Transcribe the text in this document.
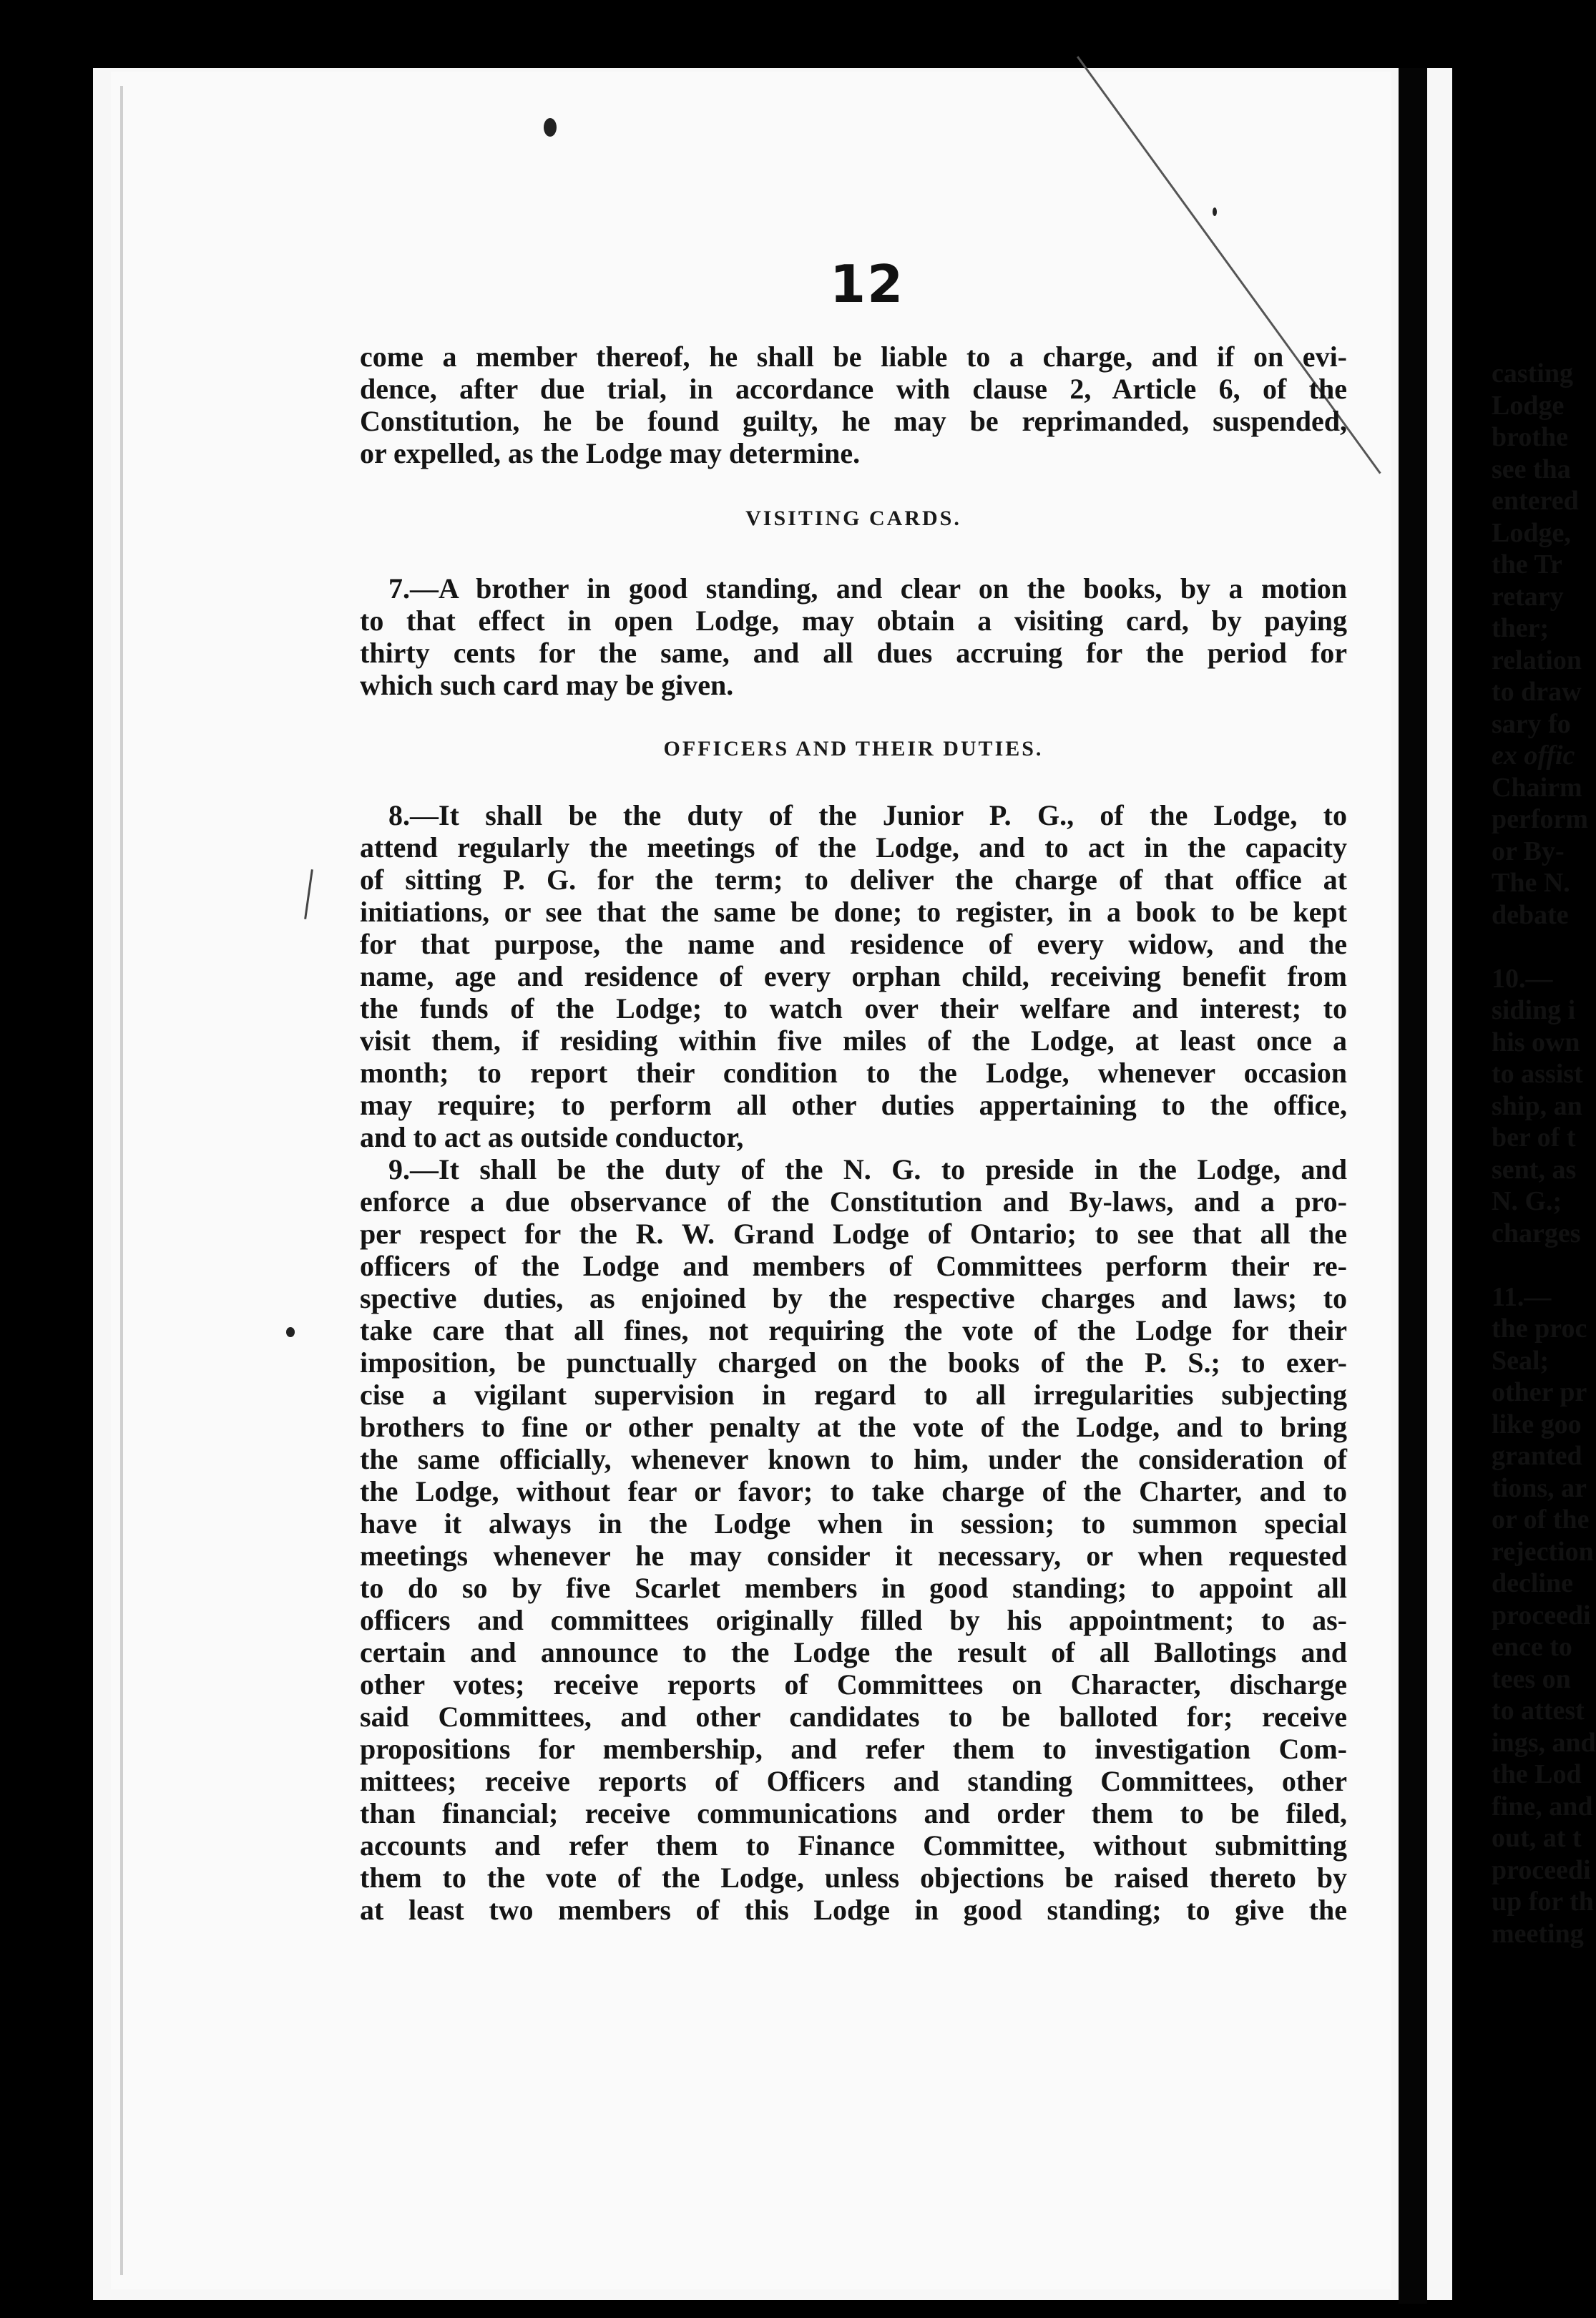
12
come a member thereof, he shall be liable to a charge, and if on evi-
dence, after due trial, in accordance with clause 2, Article 6, of the
Constitution, he be found guilty, he may be reprimanded, suspended,
or expelled, as the Lodge may determine.
VISITING CARDS.
7.—A brother in good standing, and clear on the books, by a motion
to that effect in open Lodge, may obtain a visiting card, by paying
thirty cents for the same, and all dues accruing for the period for
which such card may be given.
OFFICERS AND THEIR DUTIES.
8.—It shall be the duty of the Junior P. G., of the Lodge, to
attend regularly the meetings of the Lodge, and to act in the capacity
of sitting P. G. for the term; to deliver the charge of that office at
initiations, or see that the same be done; to register, in a book to be kept
for that purpose, the name and residence of every widow, and the
name, age and residence of every orphan child, receiving benefit from
the funds of the Lodge; to watch over their welfare and interest; to
visit them, if residing within five miles of the Lodge, at least once a
month; to report their condition to the Lodge, whenever occasion
may require; to perform all other duties appertaining to the office,
and to act as outside conductor,
9.—It shall be the duty of the N. G. to preside in the Lodge, and
enforce a due observance of the Constitution and By-laws, and a pro-
per respect for the R. W. Grand Lodge of Ontario; to see that all the
officers of the Lodge and members of Committees perform their re-
spective duties, as enjoined by the respective charges and laws; to
take care that all fines, not requiring the vote of the Lodge for their
imposition, be punctually charged on the books of the P. S.; to exer-
cise a vigilant supervision in regard to all irregularities subjecting
brothers to fine or other penalty at the vote of the Lodge, and to bring
the same officially, whenever known to him, under the consideration of
the Lodge, without fear or favor; to take charge of the Charter, and to
have it always in the Lodge when in session; to summon special
meetings whenever he may consider it necessary, or when requested
to do so by five Scarlet members in good standing; to appoint all
officers and committees originally filled by his appointment; to as-
certain and announce to the Lodge the result of all Ballotings and
other votes; receive reports of Committees on Character, discharge
said Committees, and other candidates to be balloted for; receive
propositions for membership, and refer them to investigation Com-
mittees; receive reports of Officers and standing Committees, other
than financial; receive communications and order them to be filed,
accounts and refer them to Finance Committee, without submitting
them to the vote of the Lodge, unless objections be raised thereto by
at least two members of this Lodge in good standing; to give the
casting
Lodge
brothe
see tha
entered
Lodge,
the Tr
retary
ther;
relation
to draw
sary fo
ex offic
Chairm
perform
or By-
The N.
debate
10.—
siding i
his own
to assist
ship, an
ber of t
sent, as
N. G.;
charges
11.—
the proc
Seal;
other pr
like goo
granted
tions, ar
or of the
rejection
decline
proceedi
ence to
tees on
to attest
ings, and
the Lod
fine, and
out, at t
proceedi
up for th
meeting
